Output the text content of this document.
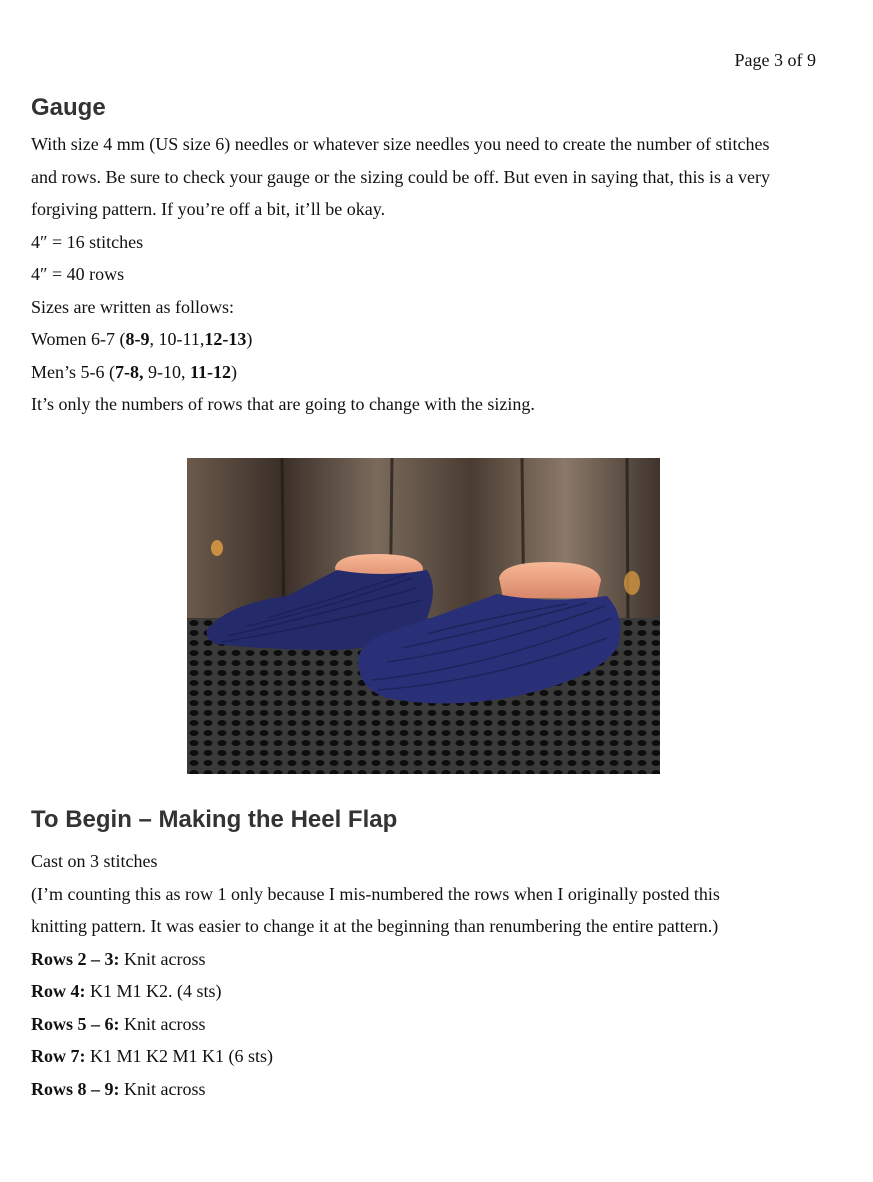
Page 3 of 9
Gauge

With size 4 mm (US size 6) needles or whatever size needles you need to create the number of stitches

and rows. Be sure to check your gauge or the sizing could be off. But even in saying that, this is a very

forgiving pattern. If you’re off a bit, it’ll be okay.

4″ = 16 stitches

4″ = 40 rows

Sizes are written as follows:

Women 6-7 (8-9, 10-11,12-13)

Men’s 5-6 (7-8, 9-10, 11-12)

It’s only the numbers of rows that are going to change with the sizing.

To Begin – Making the Heel Flap

Cast on 3 stitches

(I’m counting this as row 1 only because I mis-numbered the rows when I originally posted this

knitting pattern. It was easier to change it at the beginning than renumbering the entire pattern.)

Rows 2 – 3: Knit across

Row 4: K1 M1 K2. (4 sts)

Rows 5 – 6: Knit across

Row 7: K1 M1 K2 M1 K1 (6 sts)

Rows 8 – 9: Knit across
